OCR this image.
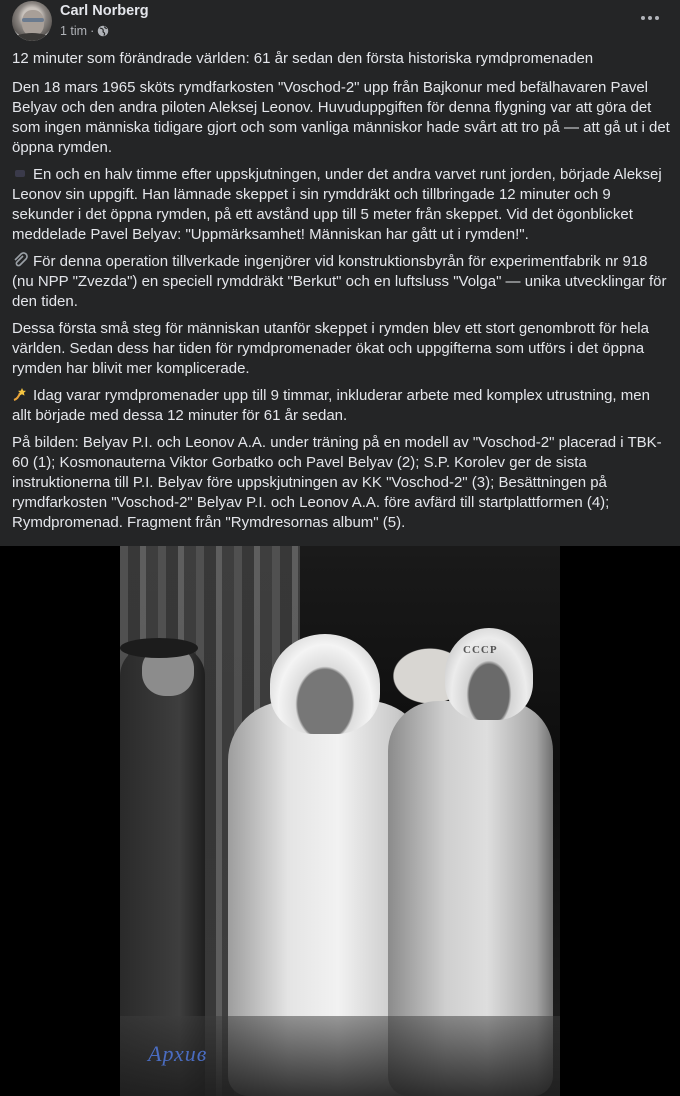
Carl Norberg
1 tim ·

12 minuter som förändrade världen: 61 år sedan den första historiska rymdpromenaden

Den 18 mars 1965 sköts rymdfarkosten "Voschod-2" upp från Bajkonur med befälhavaren Pavel Belyav och den andra piloten Aleksej Leonov. Huvuduppgiften för denna flygning var att göra det som ingen människa tidigare gjort och som vanliga människor hade svårt att tro på — att gå ut i det öppna rymden.

En och en halv timme efter uppskjutningen, under det andra varvet runt jorden, började Aleksej Leonov sin uppgift. Han lämnade skeppet i sin rymddräkt och tillbringade 12 minuter och 9 sekunder i det öppna rymden, på ett avstånd upp till 5 meter från skeppet. Vid det ögonblicket meddelade Pavel Belyav: "Uppmärksamhet! Människan har gått ut i rymden!".

För denna operation tillverkade ingenjörer vid konstruktionsbyrån för experimentfabrik nr 918 (nu NPP "Zvezda") en speciell rymddräkt "Berkut" och en luftsluss "Volga" — unika utvecklingar för den tiden.

Dessa första små steg för människan utanför skeppet i rymden blev ett stort genombrott för hela världen. Sedan dess har tiden för rymdpromenader ökat och uppgifterna som utförs i det öppna rymden har blivit mer komplicerade.

Idag varar rymdpromenader upp till 9 timmar, inkluderar arbete med komplex utrustning, men allt började med dessa 12 minuter för 61 år sedan.

På bilden: Belyav P.I. och Leonov A.A. under träning på en modell av "Voschod-2" placerad i TBK-60 (1); Kosmonauterna Viktor Gorbatko och Pavel Belyav (2); S.P. Korolev ger de sista instruktionerna till P.I. Belyav före uppskjutningen av KK "Voschod-2" (3); Besättningen på rymdfarkosten "Voschod-2" Belyav P.I. och Leonov A.A. före avfärd till startplattformen (4); Rymdpromenad. Fragment från "Rymdresornas album" (5).

СССР
Архив
